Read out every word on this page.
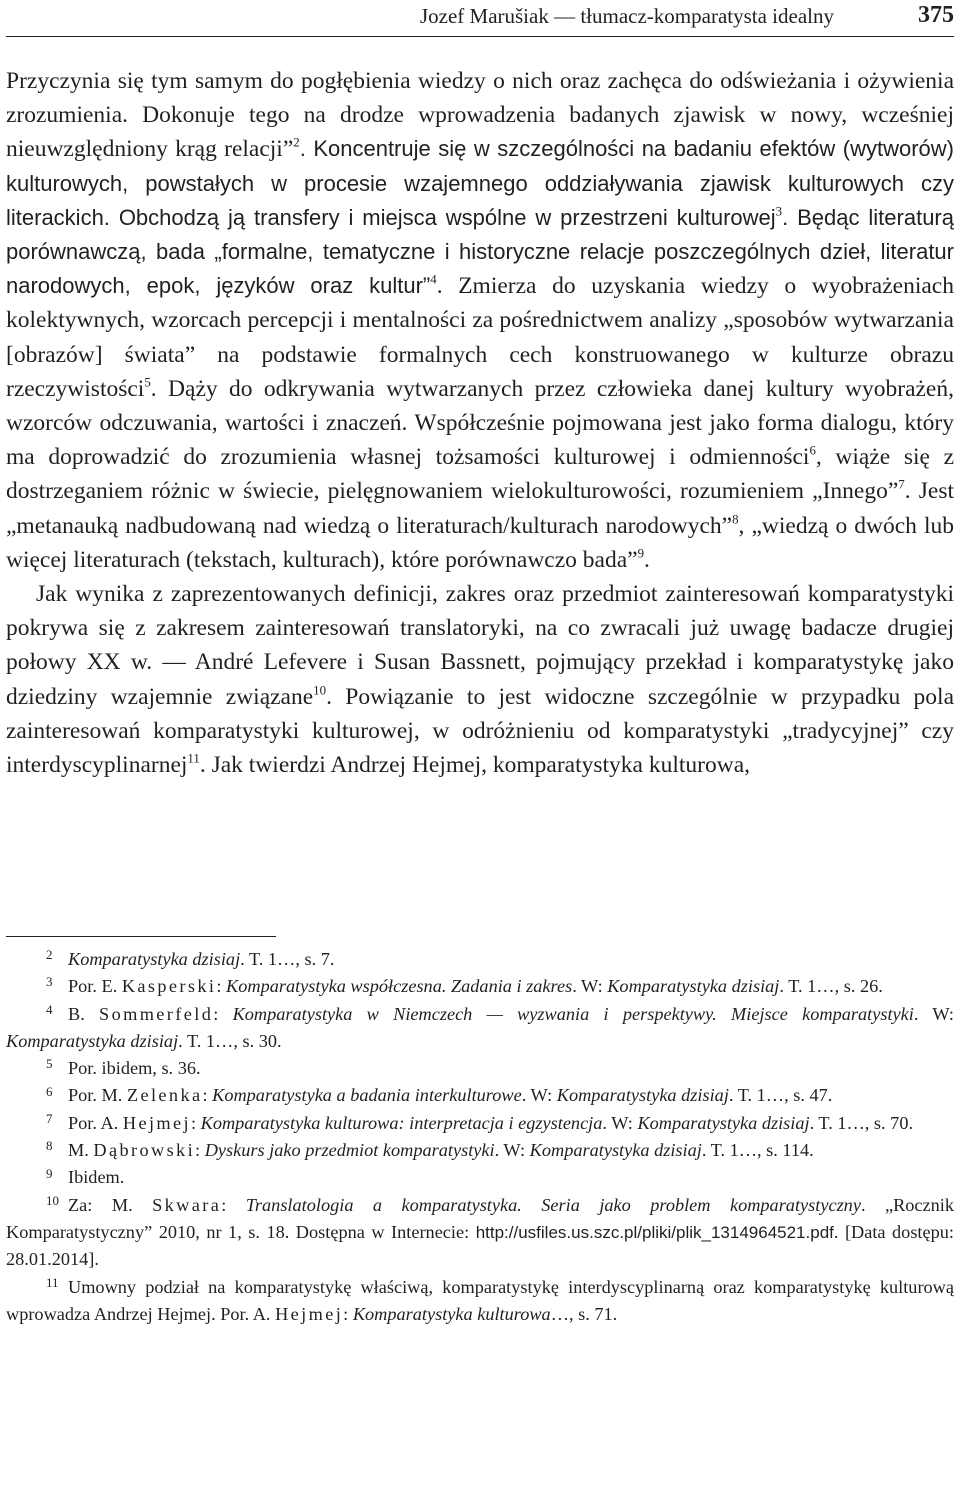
Jozef Marušiak — tłumacz-komparatysta idealny	375

Przyczynia się tym samym do pogłębienia wiedzy o nich oraz zachęca do odświeżania i ożywienia zrozumienia. Dokonuje tego na drodze wprowadzenia badanych zjawisk w nowy, wcześniej nieuwzględniony krąg relacji”$^2$. Koncentruje się w szczególności na badaniu efektów (wytworów) kulturowych, powstałych w procesie wzajemnego oddziaływania zjawisk kulturowych czy literackich. Obchodzą ją transfery i miejsca wspólne w przestrzeni kulturowej$^3$. Będąc literaturą porównawczą, bada „formalne, tematyczne i historyczne relacje poszczególnych dzieł, literatur narodowych, epok, języków oraz kultur”$^4$. Zmierza do uzyskania wiedzy o wyobrażeniach kolektywnych, wzorcach percepcji i mentalności za pośrednictwem analizy „sposobów wytwarzania [obrazów] świata” na podstawie formalnych cech konstruowanego w kulturze obrazu rzeczywistości$^5$. Dąży do odkrywania wytwarzanych przez człowieka danej kultury wyobrażeń, wzorców odczuwania, wartości i znaczeń. Współcześnie pojmowana jest jako forma dialogu, który ma doprowadzić do zrozumienia własnej tożsamości kulturowej i odmienności$^6$, wiąże się z dostrzeganiem różnic w świecie, pielęgnowaniem wielokulturowości, rozumieniem „Innego”$^7$. Jest „metanauką nadbudowaną nad wiedzą o literaturach/kulturach narodowych”$^8$, „wiedzą o dwóch lub więcej literaturach (tekstach, kulturach), które porównawczo bada”$^9$.

Jak wynika z zaprezentowanych definicji, zakres oraz przedmiot zainteresowań komparatystyki pokrywa się z zakresem zainteresowań translatoryki, na co zwracali już uwagę badacze drugiej połowy XX w. — André Lefevere i Susan Bassnett, pojmujący przekład i komparatystykę jako dziedziny wzajemnie związane$^{10}$. Powiązanie to jest widoczne szczególnie w przypadku pola zainteresowań komparatystyki kulturowej, w odróżnieniu od komparatystyki „tradycyjnej” czy interdyscyplinarnej$^{11}$. Jak twierdzi Andrzej Hejmej, komparatystyka kulturowa,

2 Komparatystyka dzisiaj. T. 1…, s. 7.

3 Por. E. Kasperski: Komparatystyka współczesna. Zadania i zakres. W: Komparatystyka dzisiaj. T. 1…, s. 26.

4 B. Sommerfeld: Komparatystyka w Niemczech — wyzwania i perspektywy. Miejsce komparatystyki. W: Komparatystyka dzisiaj. T. 1…, s. 30.

5 Por. ibidem, s. 36.

6 Por. M. Zelenka: Komparatystyka a badania interkulturowe. W: Komparatystyka dzisiaj. T. 1…, s. 47.

7 Por. A. Hejmej: Komparatystyka kulturowa: interpretacja i egzystencja. W: Komparatystyka dzisiaj. T. 1…, s. 70.

8 M. Dąbrowski: Dyskurs jako przedmiot komparatystyki. W: Komparatystyka dzisiaj. T. 1…, s. 114.

9 Ibidem.

10 Za: M. Skwara: Translatologia a komparatystyka. Seria jako problem komparatystyczny. „Rocznik Komparatystyczny” 2010, nr 1, s. 18. Dostępna w Internecie: http://usfiles.us.szc.pl/pliki/plik_1314964521.pdf. [Data dostępu: 28.01.2014].

11 Umowny podział na komparatystykę właściwą, komparatystykę interdyscyplinarną oraz komparatystykę kulturową wprowadza Andrzej Hejmej. Por. A. Hejmej: Komparatystyka kulturowa…, s. 71.
